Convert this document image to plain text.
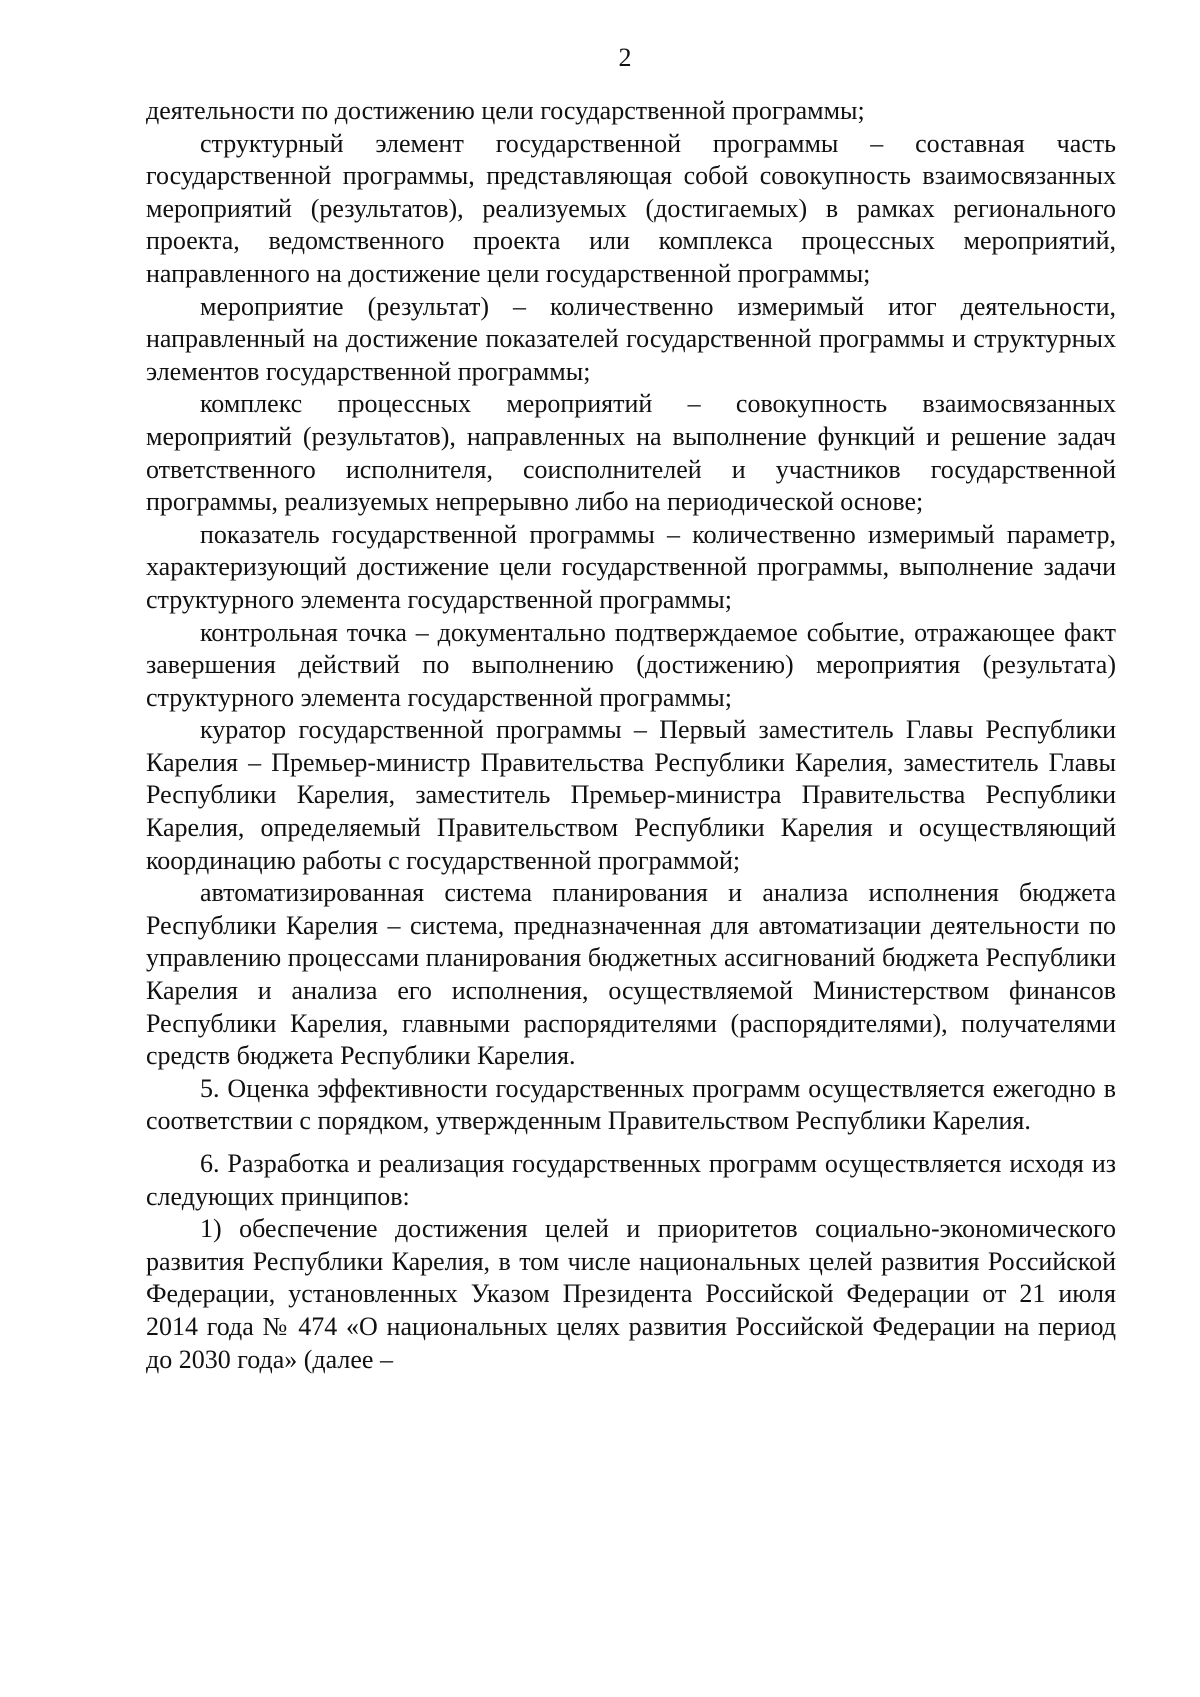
2

деятельности по достижению цели государственной программы;

структурный элемент государственной программы – составная часть государственной программы, представляющая собой совокупность взаимосвязанных мероприятий (результатов), реализуемых (достигаемых) в рамках регионального проекта, ведомственного проекта или комплекса процессных мероприятий, направленного на достижение цели государственной программы;

мероприятие (результат) – количественно измеримый итог деятельности, направленный на достижение показателей государственной программы и структурных элементов государственной программы;

комплекс процессных мероприятий – совокупность взаимосвязанных мероприятий (результатов), направленных на выполнение функций и решение задач ответственного исполнителя, соисполнителей и участников государственной программы, реализуемых непрерывно либо на периодической основе;

показатель государственной программы – количественно измеримый параметр, характеризующий достижение цели государственной программы, выполнение задачи структурного элемента государственной программы;

контрольная точка – документально подтверждаемое событие, отражающее факт завершения действий по выполнению (достижению) мероприятия (результата) структурного элемента государственной программы;

куратор государственной программы – Первый заместитель Главы Республики Карелия – Премьер-министр Правительства Республики Карелия, заместитель Главы Республики Карелия, заместитель Премьер-министра Правительства Республики Карелия, определяемый Правительством Республики Карелия и осуществляющий координацию работы с государственной программой;

автоматизированная система планирования и анализа исполнения бюджета Республики Карелия – система, предназначенная для автоматизации деятельности по управлению процессами планирования бюджетных ассигнований бюджета Республики Карелия и анализа его исполнения, осуществляемой Министерством финансов Республики Карелия, главными распорядителями (распорядителями), получателями средств бюджета Республики Карелия.

5. Оценка эффективности государственных программ осуществляется ежегодно в соответствии с порядком, утвержденным Правительством Республики Карелия.

6. Разработка и реализация государственных программ осуществляется исходя из следующих принципов:

1) обеспечение достижения целей и приоритетов социально-экономического развития Республики Карелия, в том числе национальных целей развития Российской Федерации, установленных Указом Президента Российской Федерации от 21 июля 2014 года № 474 «О национальных целях развития Российской Федерации на период до 2030 года» (далее –
